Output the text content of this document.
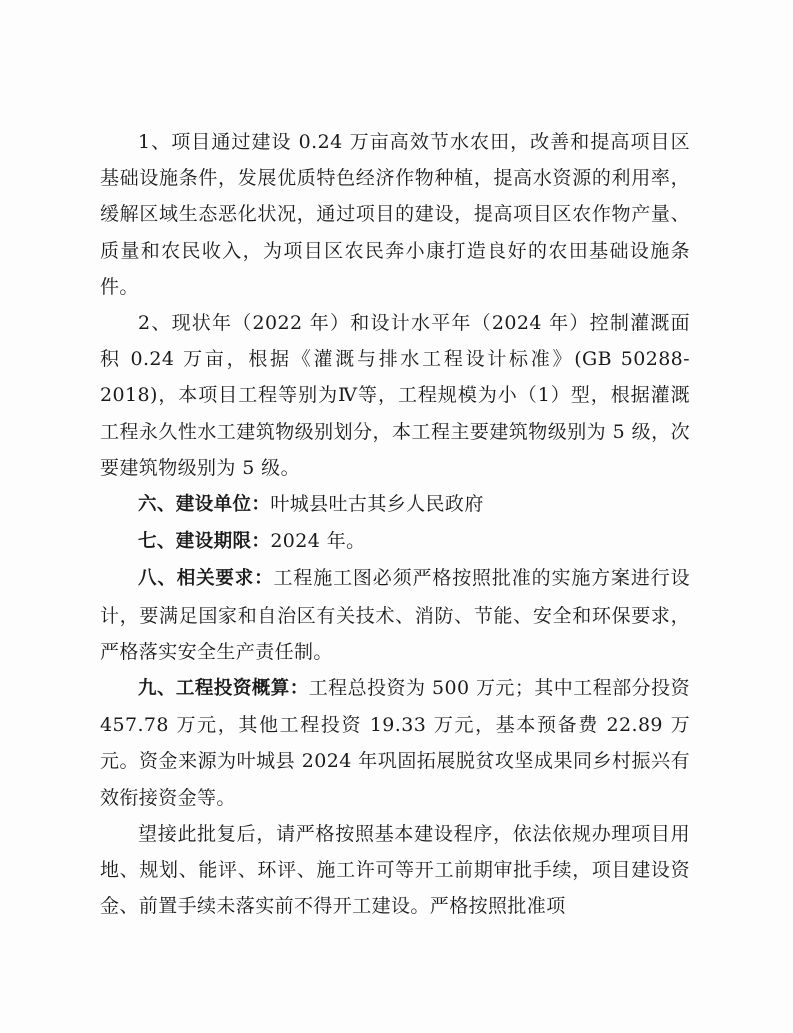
1、项目通过建设 0.24 万亩高效节水农田，改善和提高项目区基础设施条件，发展优质特色经济作物种植，提高水资源的利用率，缓解区域生态恶化状况，通过项目的建设，提高项目区农作物产量、质量和农民收入，为项目区农民奔小康打造良好的农田基础设施条件。

2、现状年（2022 年）和设计水平年（2024 年）控制灌溉面积 0.24 万亩，根据《灌溉与排水工程设计标准》(GB 50288-2018)，本项目工程等别为Ⅳ等，工程规模为小（1）型，根据灌溉工程永久性水工建筑物级别划分，本工程主要建筑物级别为 5 级，次要建筑物级别为 5 级。

六、建设单位：叶城县吐古其乡人民政府

七、建设期限：2024 年。

八、相关要求：工程施工图必须严格按照批准的实施方案进行设计，要满足国家和自治区有关技术、消防、节能、安全和环保要求，严格落实安全生产责任制。

九、工程投资概算：工程总投资为 500 万元；其中工程部分投资 457.78 万元，其他工程投资 19.33 万元，基本预备费 22.89 万元。资金来源为叶城县 2024 年巩固拓展脱贫攻坚成果同乡村振兴有效衔接资金等。

望接此批复后，请严格按照基本建设程序，依法依规办理项目用地、规划、能评、环评、施工许可等开工前期审批手续，项目建设资金、前置手续未落实前不得开工建设。严格按照批准项
